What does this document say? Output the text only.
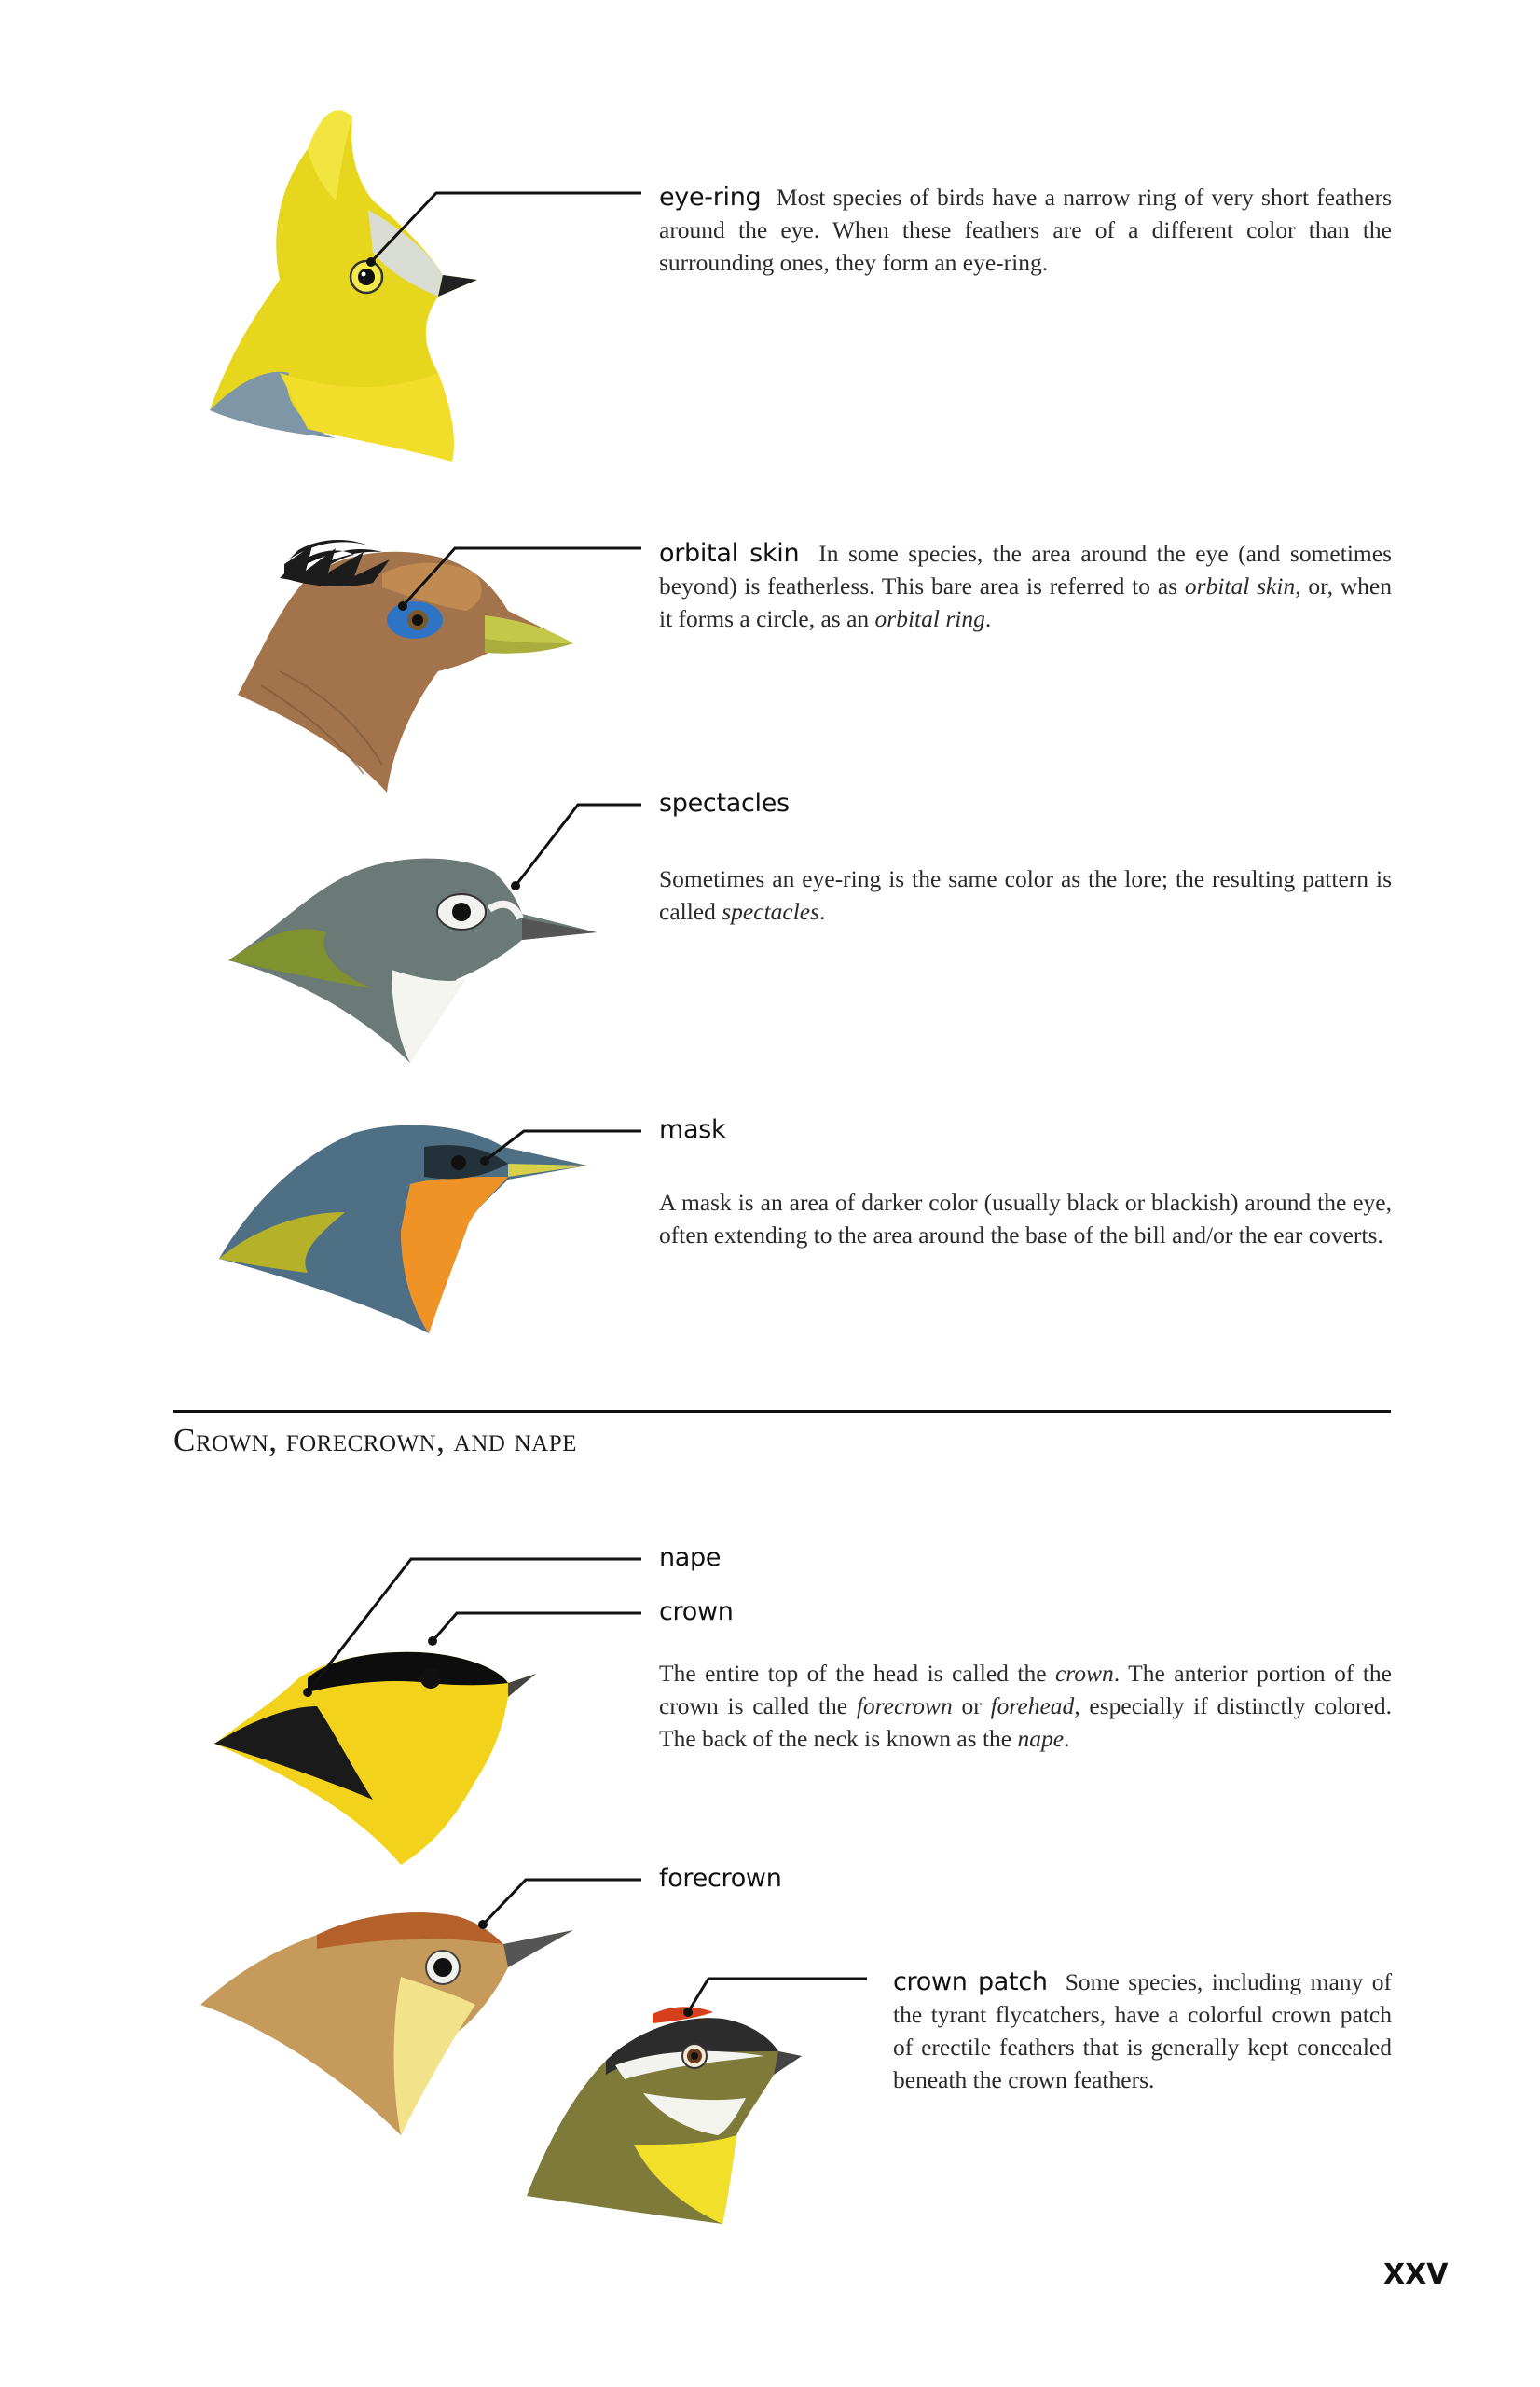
eye-ring Most species of birds have a narrow ring of very short feathers around the eye. When these feathers are of a different color than the surrounding ones, they form an eye-ring.
orbital skin In some species, the area around the eye (and sometimes beyond) is featherless. This bare area is referred to as orbital skin, or, when it forms a circle, as an orbital ring.
spectacles
Sometimes an eye-ring is the same color as the lore; the resulting pattern is called spectacles.
mask
A mask is an area of darker color (usually black or blackish) around the eye, often extending to the area around the base of the bill and/or the ear coverts.
Crown, forecrown, and nape
nape
crown
The entire top of the head is called the crown. The anterior portion of the crown is called the forecrown or forehead, especially if distinctly colored. The back of the neck is known as the nape.
forecrown
crown patch Some species, including many of the tyrant flycatchers, have a colorful crown patch of erectile feathers that is generally kept concealed beneath the crown feathers.
XXV
